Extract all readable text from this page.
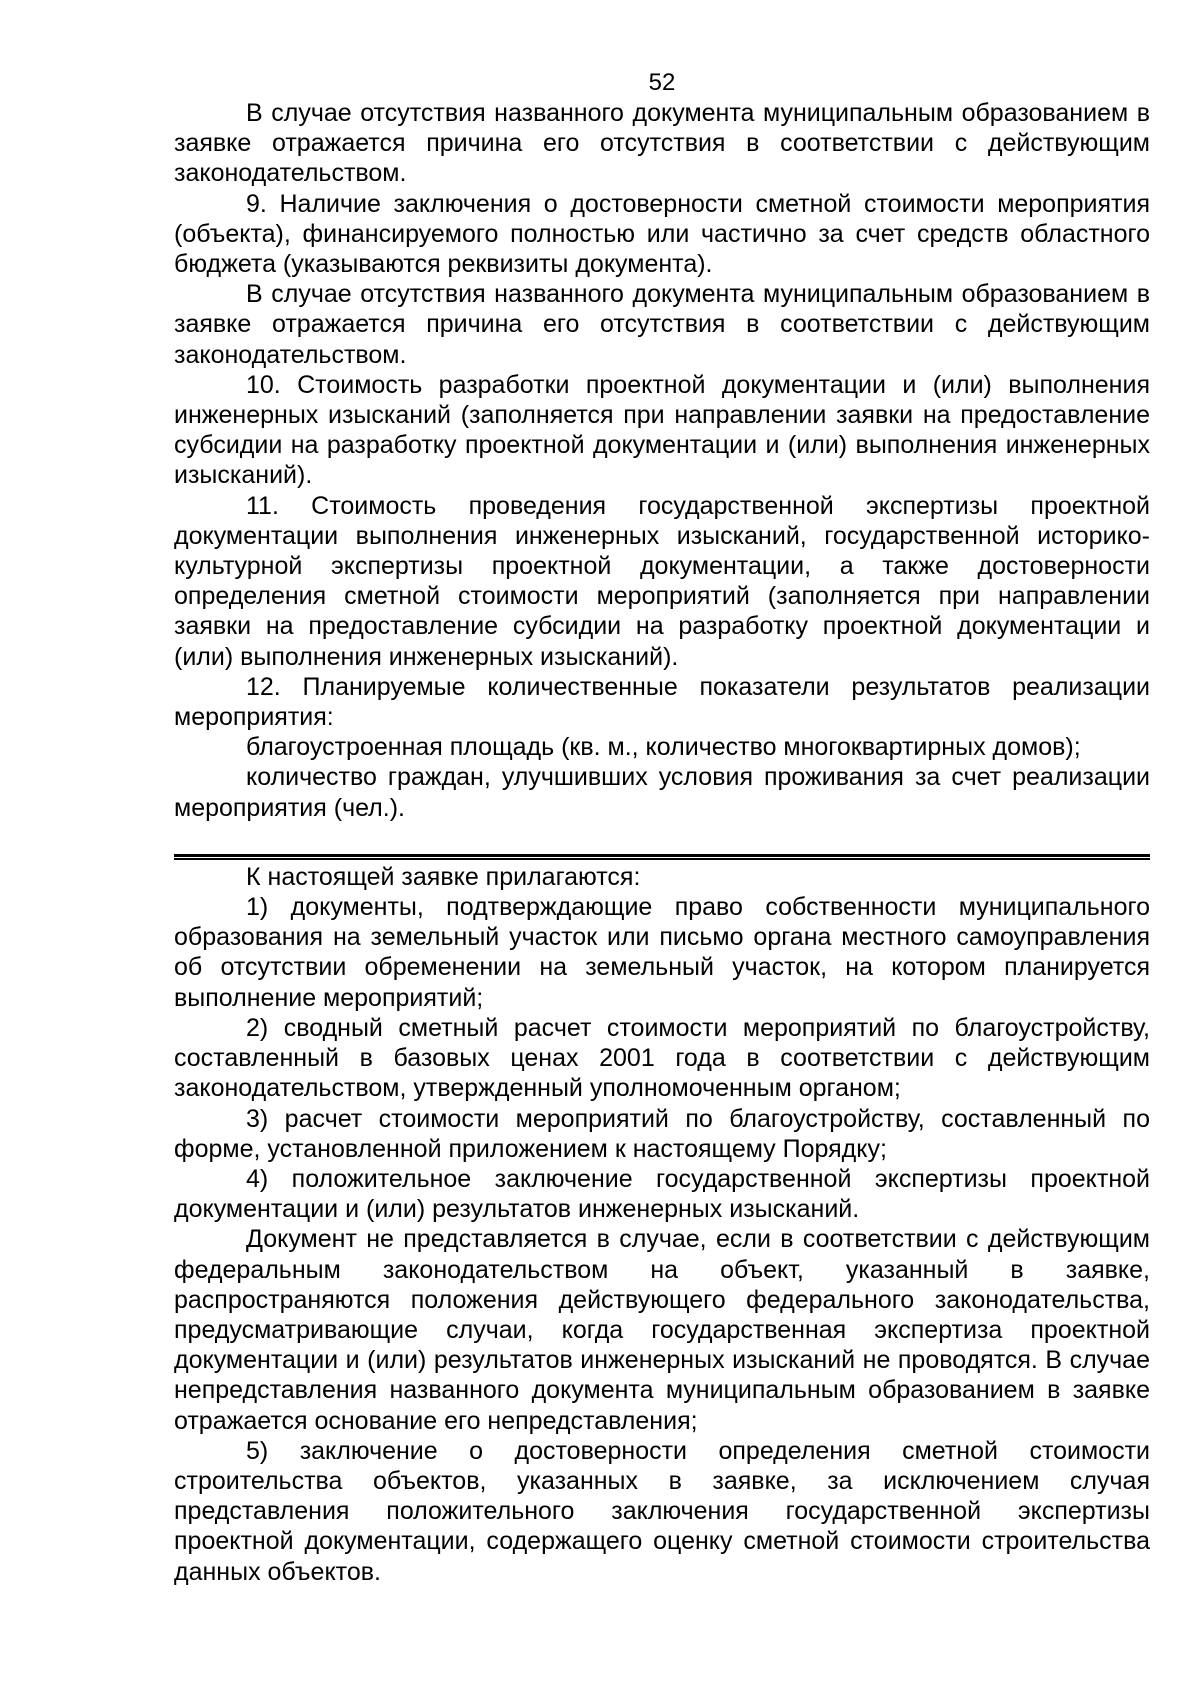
52

В случае отсутствия названного документа муниципальным образованием в заявке отражается причина его отсутствия в соответствии с действующим законодательством.

9. Наличие заключения о достоверности сметной стоимости мероприятия (объекта), финансируемого полностью или частично за счет средств областного бюджета (указываются реквизиты документа).

В случае отсутствия названного документа муниципальным образованием в заявке отражается причина его отсутствия в соответствии с действующим законодательством.

10. Стоимость разработки проектной документации и (или) выполнения инженерных изысканий (заполняется при направлении заявки на предоставление субсидии на разработку проектной документации и (или) выполнения инженерных изысканий).

11. Стоимость проведения государственной экспертизы проектной документации выполнения инженерных изысканий, государственной историко-культурной экспертизы проектной документации, а также достоверности определения сметной стоимости мероприятий (заполняется при направлении заявки на предоставление субсидии на разработку проектной документации и (или) выполнения инженерных изысканий).

12. Планируемые количественные показатели результатов реализации мероприятия:

благоустроенная площадь (кв. м., количество многоквартирных домов);

количество граждан, улучшивших условия проживания за счет реализации мероприятия (чел.).

К настоящей заявке прилагаются:

1) документы, подтверждающие право собственности муниципального образования на земельный участок или письмо органа местного самоуправления об отсутствии обременении на земельный участок, на котором планируется выполнение мероприятий;

2) сводный сметный расчет стоимости мероприятий по благоустройству, составленный в базовых ценах 2001 года в соответствии с действующим законодательством, утвержденный уполномоченным органом;

3) расчет стоимости мероприятий по благоустройству, составленный по форме, установленной приложением к настоящему Порядку;

4) положительное заключение государственной экспертизы проектной документации и (или) результатов инженерных изысканий.

Документ не представляется в случае, если в соответствии с действующим федеральным законодательством на объект, указанный в заявке, распространяются положения действующего федерального законодательства, предусматривающие случаи, когда государственная экспертиза проектной документации и (или) результатов инженерных изысканий не проводятся. В случае непредставления названного документа муниципальным образованием в заявке отражается основание его непредставления;

5) заключение о достоверности определения сметной стоимости строительства объектов, указанных в заявке, за исключением случая представления положительного заключения государственной экспертизы проектной документации, содержащего оценку сметной стоимости строительства данных объектов.
